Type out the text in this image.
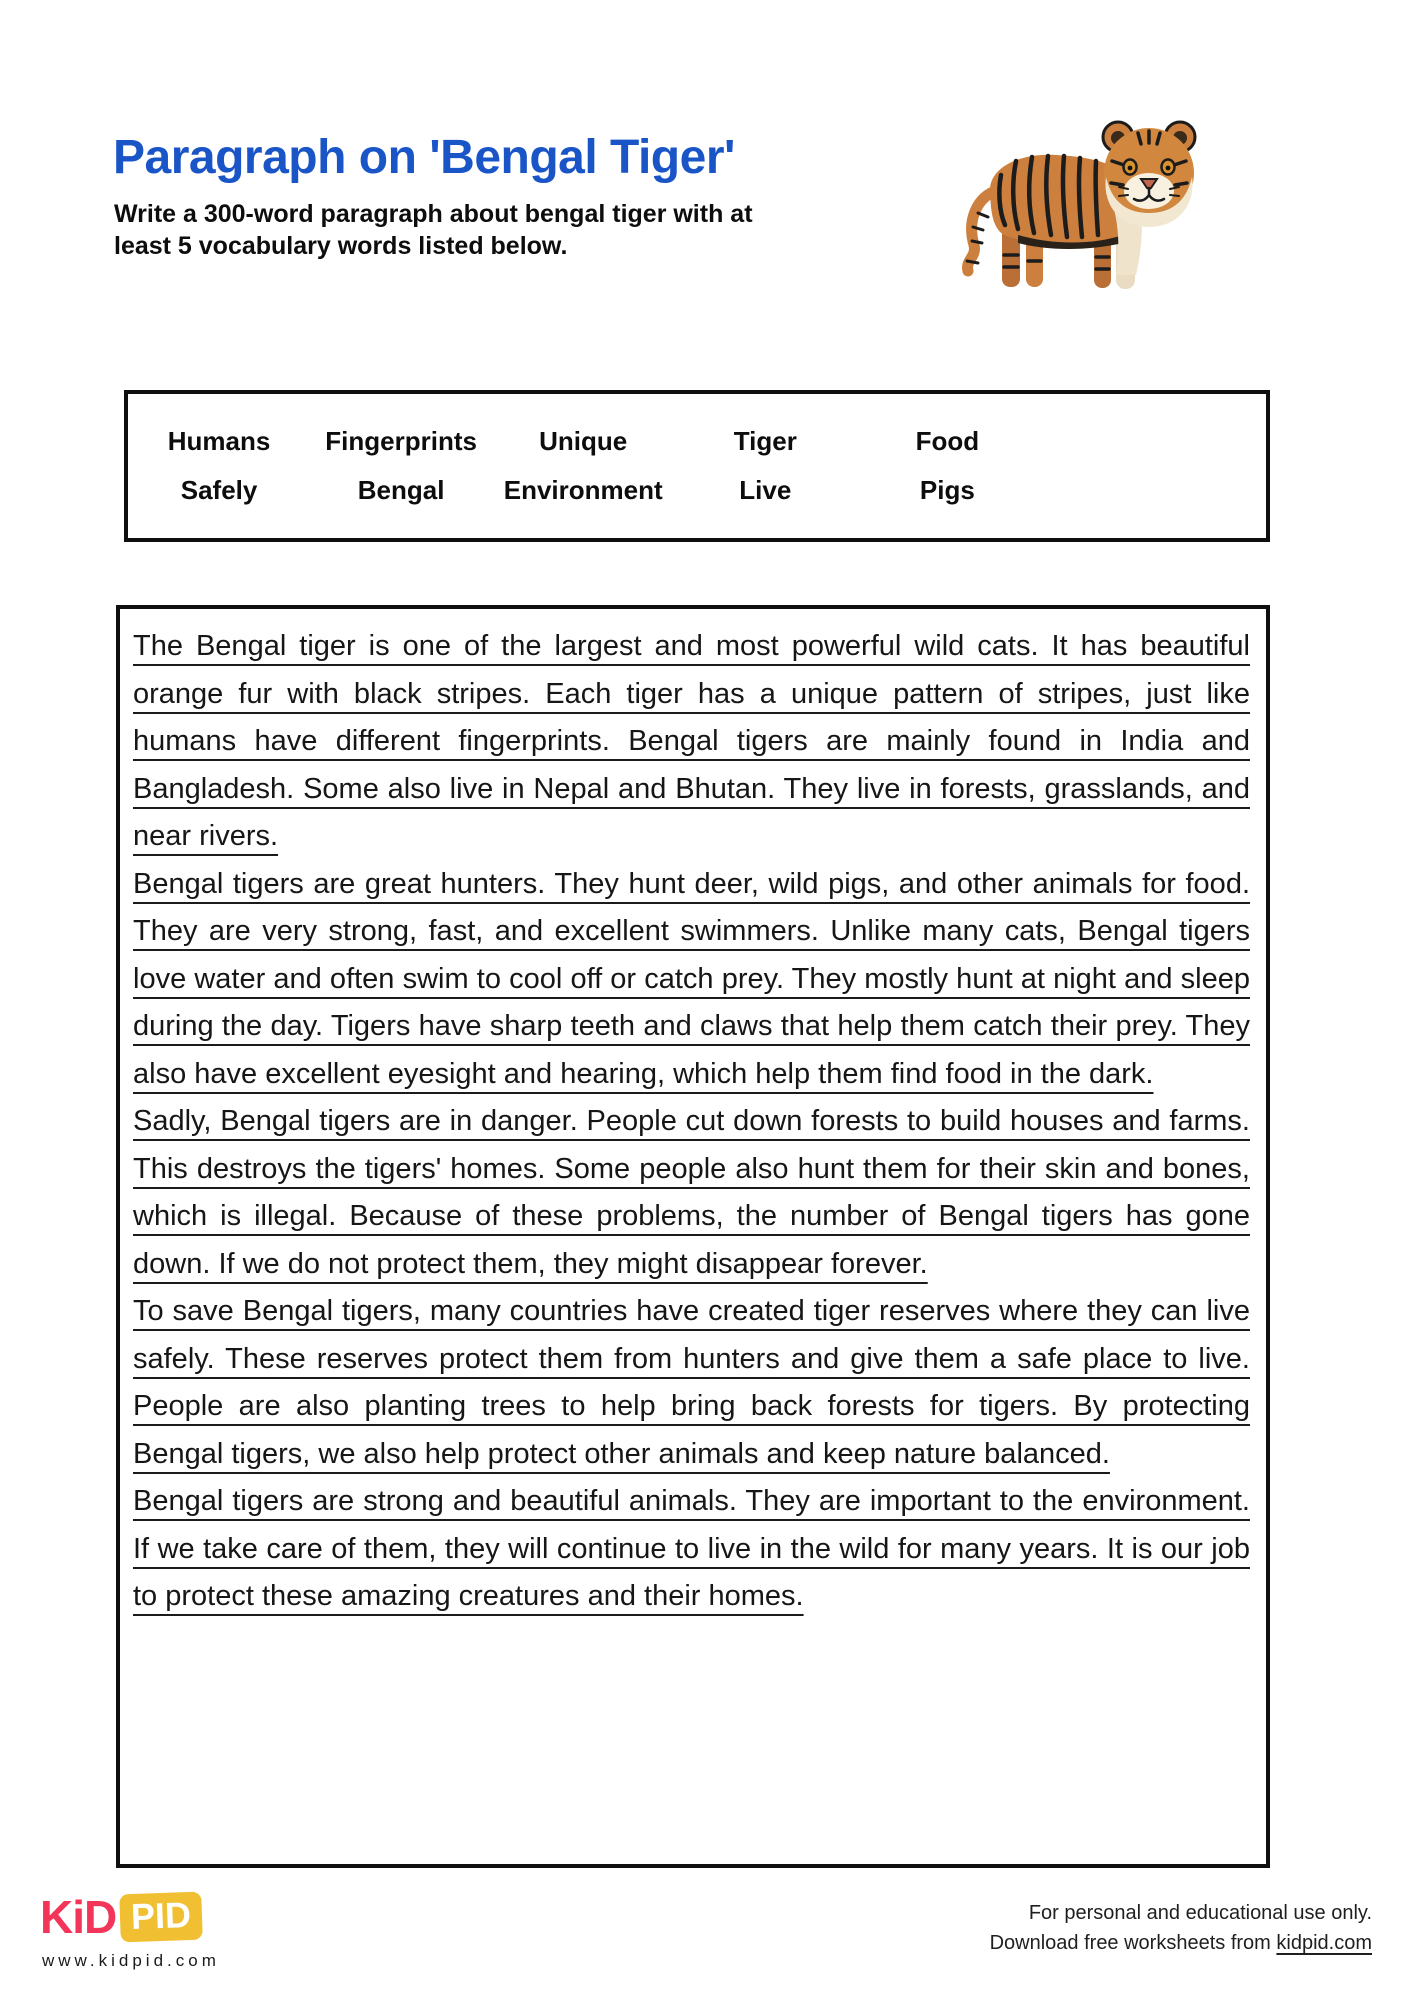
Paragraph on 'Bengal Tiger'
Write a 300-word paragraph about bengal tiger with at least 5 vocabulary words listed below.
Humans	Fingerprints	Unique	Tiger	Food
Safely	Bengal	Environment	Live	Pigs

The Bengal tiger is one of the largest and most powerful wild cats. It has beautiful orange fur with black stripes. Each tiger has a unique pattern of stripes, just like humans have different fingerprints. Bengal tigers are mainly found in India and Bangladesh. Some also live in Nepal and Bhutan. They live in forests, grasslands, and near rivers.

Bengal tigers are great hunters. They hunt deer, wild pigs, and other animals for food. They are very strong, fast, and excellent swimmers. Unlike many cats, Bengal tigers love water and often swim to cool off or catch prey. They mostly hunt at night and sleep during the day. Tigers have sharp teeth and claws that help them catch their prey. They also have excellent eyesight and hearing, which help them find food in the dark.

Sadly, Bengal tigers are in danger. People cut down forests to build houses and farms. This destroys the tigers' homes. Some people also hunt them for their skin and bones, which is illegal. Because of these problems, the number of Bengal tigers has gone down. If we do not protect them, they might disappear forever.

To save Bengal tigers, many countries have created tiger reserves where they can live safely. These reserves protect them from hunters and give them a safe place to live. People are also planting trees to help bring back forests for tigers. By protecting Bengal tigers, we also help protect other animals and keep nature balanced.

Bengal tigers are strong and beautiful animals. They are important to the environment. If we take care of them, they will continue to live in the wild for many years. It is our job to protect these amazing creatures and their homes.

KiD PID
www.kidpid.com
For personal and educational use only.
Download free worksheets from kidpid.com
